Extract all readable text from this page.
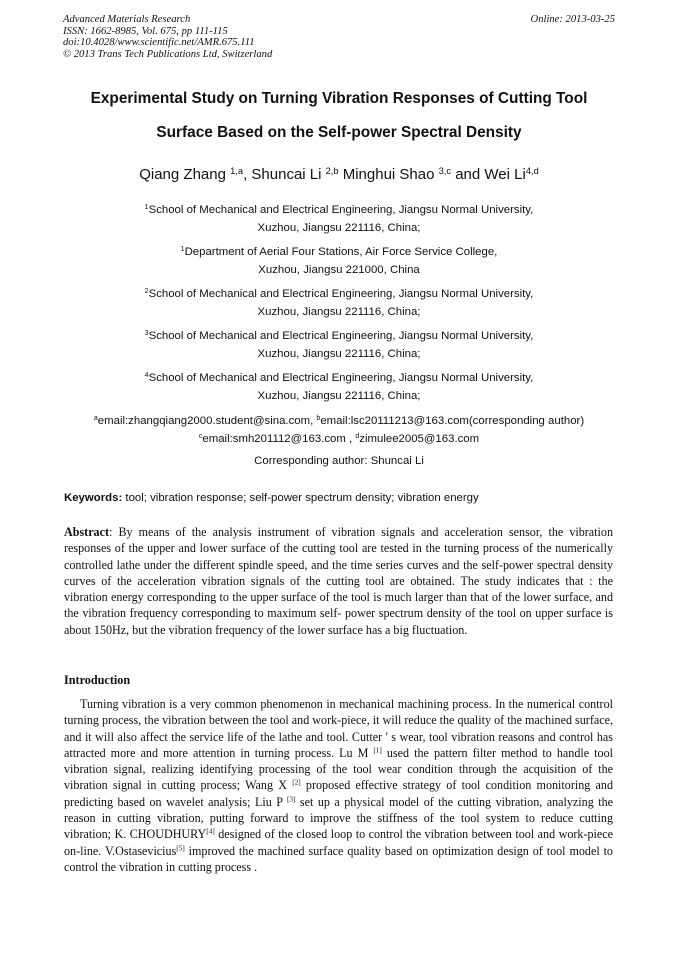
Advanced Materials Research	Online: 2013-03-25
ISSN: 1662-8985, Vol. 675, pp 111-115
doi:10.4028/www.scientific.net/AMR.675.111
© 2013 Trans Tech Publications Ltd, Switzerland
Experimental Study on Turning Vibration Responses of Cutting Tool
Surface Based on the Self-power Spectral Density
Qiang Zhang $^{1,a}$, Shuncai Li $^{2,b}$ Minghui Shao $^{3,c}$ and Wei Li$^{4,d}$
$^1$School of Mechanical and Electrical Engineering, Jiangsu Normal University,
Xuzhou, Jiangsu 221116, China;
$^1$Department of Aerial Four Stations, Air Force Service College,
Xuzhou, Jiangsu 221000, China
$^2$School of Mechanical and Electrical Engineering, Jiangsu Normal University,
Xuzhou, Jiangsu 221116, China;
$^3$School of Mechanical and Electrical Engineering, Jiangsu Normal University,
Xuzhou, Jiangsu 221116, China;
$^4$School of Mechanical and Electrical Engineering, Jiangsu Normal University,
Xuzhou, Jiangsu 221116, China;
$^a$email:zhangqiang2000.student@sina.com, $^b$email:lsc20111213@163.com(corresponding author)
$^c$email:smh201112@163.com , $^d$zimulee2005@163.com
Corresponding author: Shuncai Li
Keywords: tool; vibration response; self-power spectrum density; vibration energy
Abstract: By means of the analysis instrument of vibration signals and acceleration sensor, the vibration responses of the upper and lower surface of the cutting tool are tested in the turning process of the numerically controlled lathe under the different spindle speed, and the time series curves and the self-power spectral density curves of the acceleration vibration signals of the cutting tool are obtained. The study indicates that : the vibration energy corresponding to the upper surface of the tool is much larger than that of the lower surface, and the vibration frequency corresponding to maximum self- power spectrum density of the tool on upper surface is about 150Hz, but the vibration frequency of the lower surface has a big fluctuation.
Introduction
Turning vibration is a very common phenomenon in mechanical machining process. In the numerical control turning process, the vibration between the tool and work-piece, it will reduce the quality of the machined surface, and it will also affect the service life of the lathe and tool. Cutter ' s wear, tool vibration reasons and control has attracted more and more attention in turning process. Lu M [1] used the pattern filter method to handle tool vibration signal, realizing identifying processing of the tool wear condition through the acquisition of the vibration signal in cutting process; Wang X [2] proposed effective strategy of tool condition monitoring and predicting based on wavelet analysis; Liu P [3] set up a physical model of the cutting vibration, analyzing the reason in cutting vibration, putting forward to improve the stiffness of the tool system to reduce cutting vibration; K. CHOUDHURY[4] designed of the closed loop to control the vibration between tool and work-piece on-line. V.Ostasevicius[5] improved the machined surface quality based on optimization design of tool model to control the vibration in cutting process .
